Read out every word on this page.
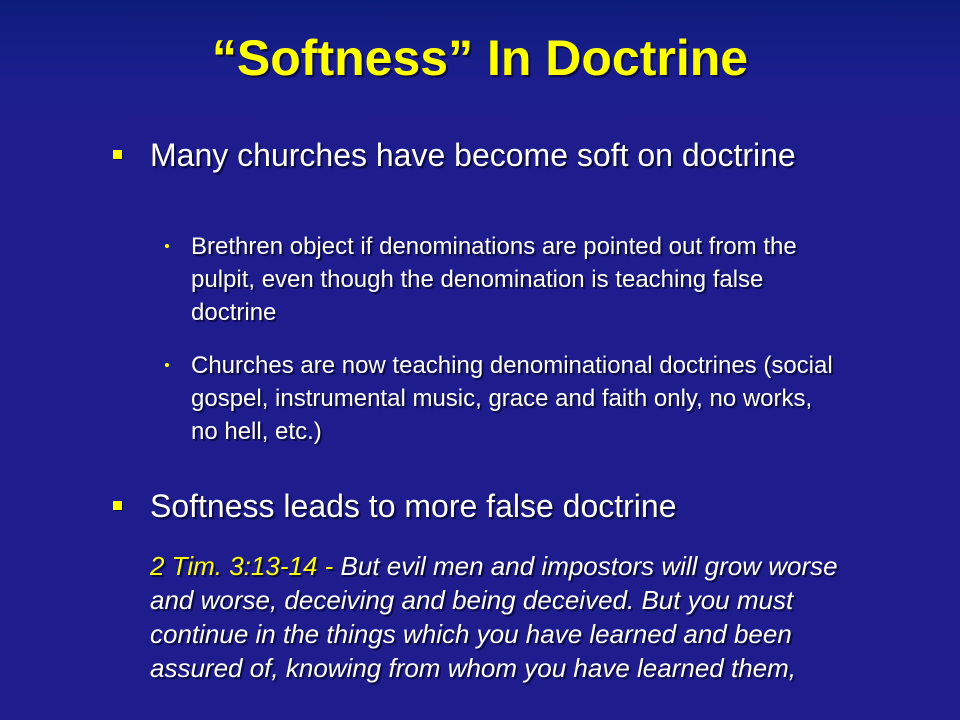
“Softness” In Doctrine
Many churches have become soft on doctrine
Brethren object if denominations are pointed out from the pulpit, even though the denomination is teaching false doctrine
Churches are now teaching denominational doctrines (social gospel, instrumental music, grace and faith only, no works, no hell, etc.)
Softness leads to more false doctrine
2 Tim. 3:13-14 - But evil men and impostors will grow worse and worse, deceiving and being deceived. But you must continue in the things which you have learned and been assured of, knowing from whom you have learned them,
